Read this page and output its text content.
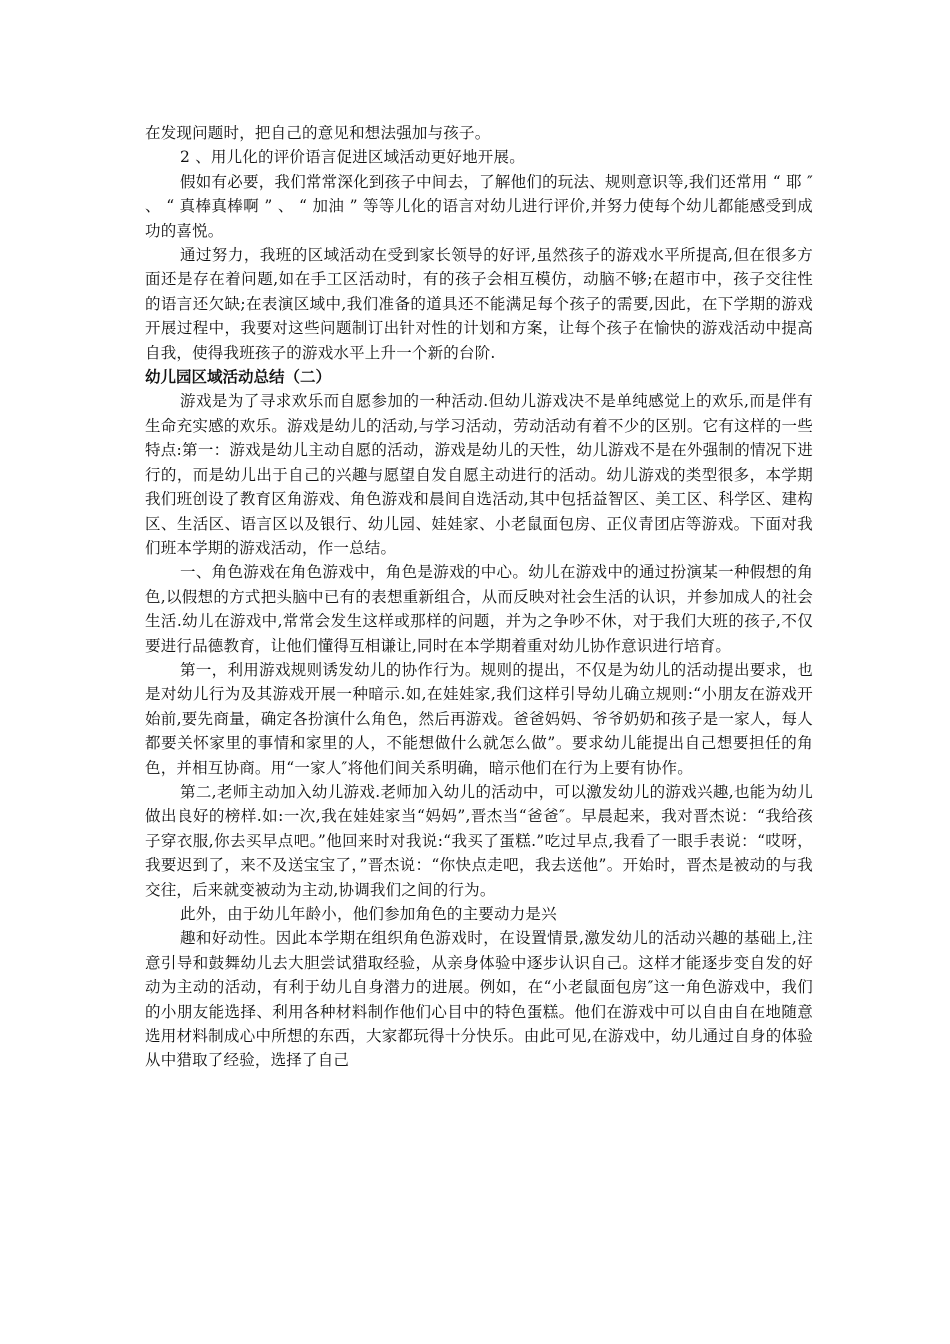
在发现问题时，把自己的意见和想法强加与孩子。

2 、用儿化的评价语言促进区域活动更好地开展。

假如有必要，我们常常深化到孩子中间去，了解他们的玩法、规则意识等,我们还常用 “ 耶 ″ 、 “ 真棒真棒啊 ” 、 “ 加油 ” 等等儿化的语言对幼儿进行评价,并努力使每个幼儿都能感受到成功的喜悦。

通过努力，我班的区域活动在受到家长领导的好评,虽然孩子的游戏水平所提高,但在很多方面还是存在着问题,如在手工区活动时，有的孩子会相互模仿，动脑不够;在超市中，孩子交往性的语言还欠缺;在表演区域中,我们准备的道具还不能满足每个孩子的需要,因此，在下学期的游戏开展过程中，我要对这些问题制订出针对性的计划和方案，让每个孩子在愉快的游戏活动中提高自我，使得我班孩子的游戏水平上升一个新的台阶.

幼儿园区域活动总结（二）

游戏是为了寻求欢乐而自愿参加的一种活动.但幼儿游戏决不是单纯感觉上的欢乐,而是伴有生命充实感的欢乐。游戏是幼儿的活动,与学习活动，劳动活动有着不少的区别。它有这样的一些特点:第一：游戏是幼儿主动自愿的活动，游戏是幼儿的天性，幼儿游戏不是在外强制的情况下进行的，而是幼儿出于自己的兴趣与愿望自发自愿主动进行的活动。幼儿游戏的类型很多，本学期我们班创设了教育区角游戏、角色游戏和晨间自选活动,其中包括益智区、美工区、科学区、建构区、生活区、语言区以及银行、幼儿园、娃娃家、小老鼠面包房、正仪青团店等游戏。下面对我们班本学期的游戏活动，作一总结。

一、角色游戏在角色游戏中，角色是游戏的中心。幼儿在游戏中的通过扮演某一种假想的角色,以假想的方式把头脑中已有的表想重新组合，从而反映对社会生活的认识，并参加成人的社会生活.幼儿在游戏中,常常会发生这样或那样的问题，并为之争吵不休，对于我们大班的孩子,不仅要进行品德教育，让他们懂得互相谦让,同时在本学期着重对幼儿协作意识进行培育。

第一，利用游戏规则诱发幼儿的协作行为。规则的提出，不仅是为幼儿的活动提出要求，也是对幼儿行为及其游戏开展一种暗示.如,在娃娃家,我们这样引导幼儿确立规则:“小朋友在游戏开始前,要先商量，确定各扮演什么角色，然后再游戏。爸爸妈妈、爷爷奶奶和孩子是一家人，每人都要关怀家里的事情和家里的人，不能想做什么就怎么做”。要求幼儿能提出自己想要担任的角色，并相互协商。用“一家人″将他们间关系明确，暗示他们在行为上要有协作。

第二,老师主动加入幼儿游戏.老师加入幼儿的活动中，可以激发幼儿的游戏兴趣,也能为幼儿做出良好的榜样.如:一次,我在娃娃家当“妈妈”,晋杰当“爸爸″。早晨起来，我对晋杰说：“我给孩子穿衣服,你去买早点吧。”他回来时对我说:“我买了蛋糕.”吃过早点,我看了一眼手表说：“哎呀，我要迟到了，来不及送宝宝了，”晋杰说：“你快点走吧，我去送他”。开始时，晋杰是被动的与我交往，后来就变被动为主动,协调我们之间的行为。

此外，由于幼儿年龄小，他们参加角色的主要动力是兴

趣和好动性。因此本学期在组织角色游戏时，在设置情景,激发幼儿的活动兴趣的基础上,注意引导和鼓舞幼儿去大胆尝试猎取经验，从亲身体验中逐步认识自己。这样才能逐步变自发的好动为主动的活动，有利于幼儿自身潜力的进展。例如，在“小老鼠面包房″这一角色游戏中，我们的小朋友能选择、利用各种材料制作他们心目中的特色蛋糕。他们在游戏中可以自由自在地随意选用材料制成心中所想的东西，大家都玩得十分快乐。由此可见,在游戏中，幼儿通过自身的体验从中猎取了经验，选择了自己
